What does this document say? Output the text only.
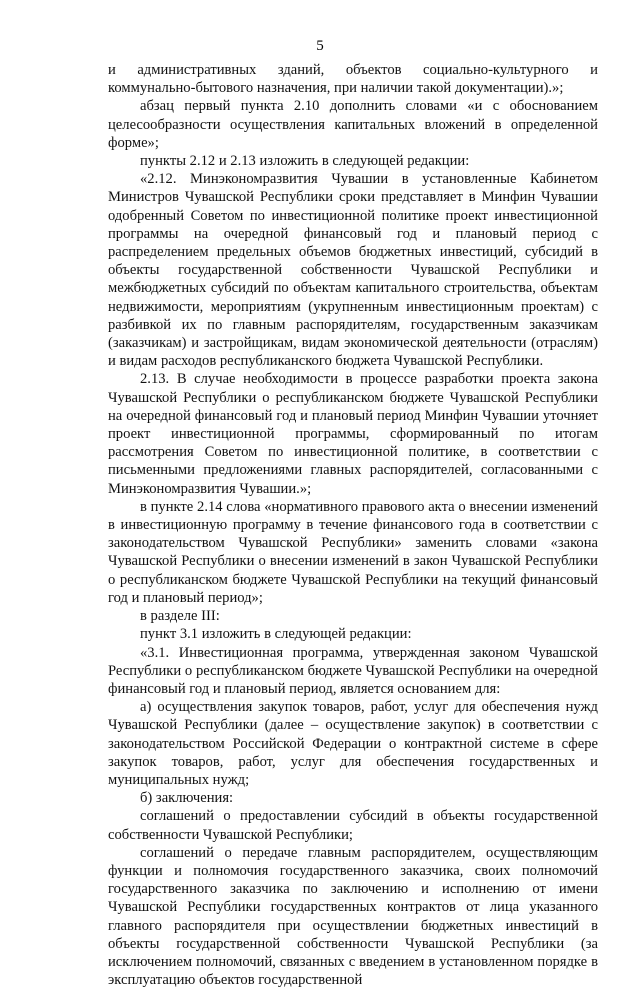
5

и административных зданий, объектов социально-культурного и коммунально-бытового назначения, при наличии такой документации).»;

абзац первый пункта 2.10 дополнить словами «и с обоснованием целесообразности осуществления капитальных вложений в определенной форме»;

пункты 2.12 и 2.13 изложить в следующей редакции:

«2.12. Минэкономразвития Чувашии в установленные Кабинетом Министров Чувашской Республики сроки представляет в Минфин Чувашии одобренный Советом по инвестиционной политике проект инвестиционной программы на очередной финансовый год и плановый период с распределением предельных объемов бюджетных инвестиций, субсидий в объекты государственной собственности Чувашской Республики и межбюджетных субсидий по объектам капитального строительства, объектам недвижимости, мероприятиям (укрупненным инвестиционным проектам) с разбивкой их по главным распорядителям, государственным заказчикам (заказчикам) и застройщикам, видам экономической деятельности (отраслям) и видам расходов республиканского бюджета Чувашской Республики.

2.13. В случае необходимости в процессе разработки проекта закона Чувашской Республики о республиканском бюджете Чувашской Республики на очередной финансовый год и плановый период Минфин Чувашии уточняет проект инвестиционной программы, сформированный по итогам рассмотрения Советом по инвестиционной политике, в соответствии с письменными предложениями главных распорядителей, согласованными с Минэкономразвития Чувашии.»;

в пункте 2.14 слова «нормативного правового акта о внесении изменений в инвестиционную программу в течение финансового года в соответствии с законодательством Чувашской Республики» заменить словами «закона Чувашской Республики о внесении изменений в закон Чувашской Республики о республиканском бюджете Чувашской Республики на текущий финансовый год и плановый период»;

в разделе III:

пункт 3.1 изложить в следующей редакции:

«3.1. Инвестиционная программа, утвержденная законом Чувашской Республики о республиканском бюджете Чувашской Республики на очередной финансовый год и плановый период, является основанием для:

а) осуществления закупок товаров, работ, услуг для обеспечения нужд Чувашской Республики (далее – осуществление закупок) в соответствии с законодательством Российской Федерации о контрактной системе в сфере закупок товаров, работ, услуг для обеспечения государственных и муниципальных нужд;

б) заключения:

соглашений о предоставлении субсидий в объекты государственной собственности Чувашской Республики;

соглашений о передаче главным распорядителем, осуществляющим функции и полномочия государственного заказчика, своих полномочий государственного заказчика по заключению и исполнению от имени Чувашской Республики государственных контрактов от лица указанного главного распорядителя при осуществлении бюджетных инвестиций в объекты государственной собственности Чувашской Республики (за исключением полномочий, связанных с введением в установленном порядке в эксплуатацию объектов государственной
